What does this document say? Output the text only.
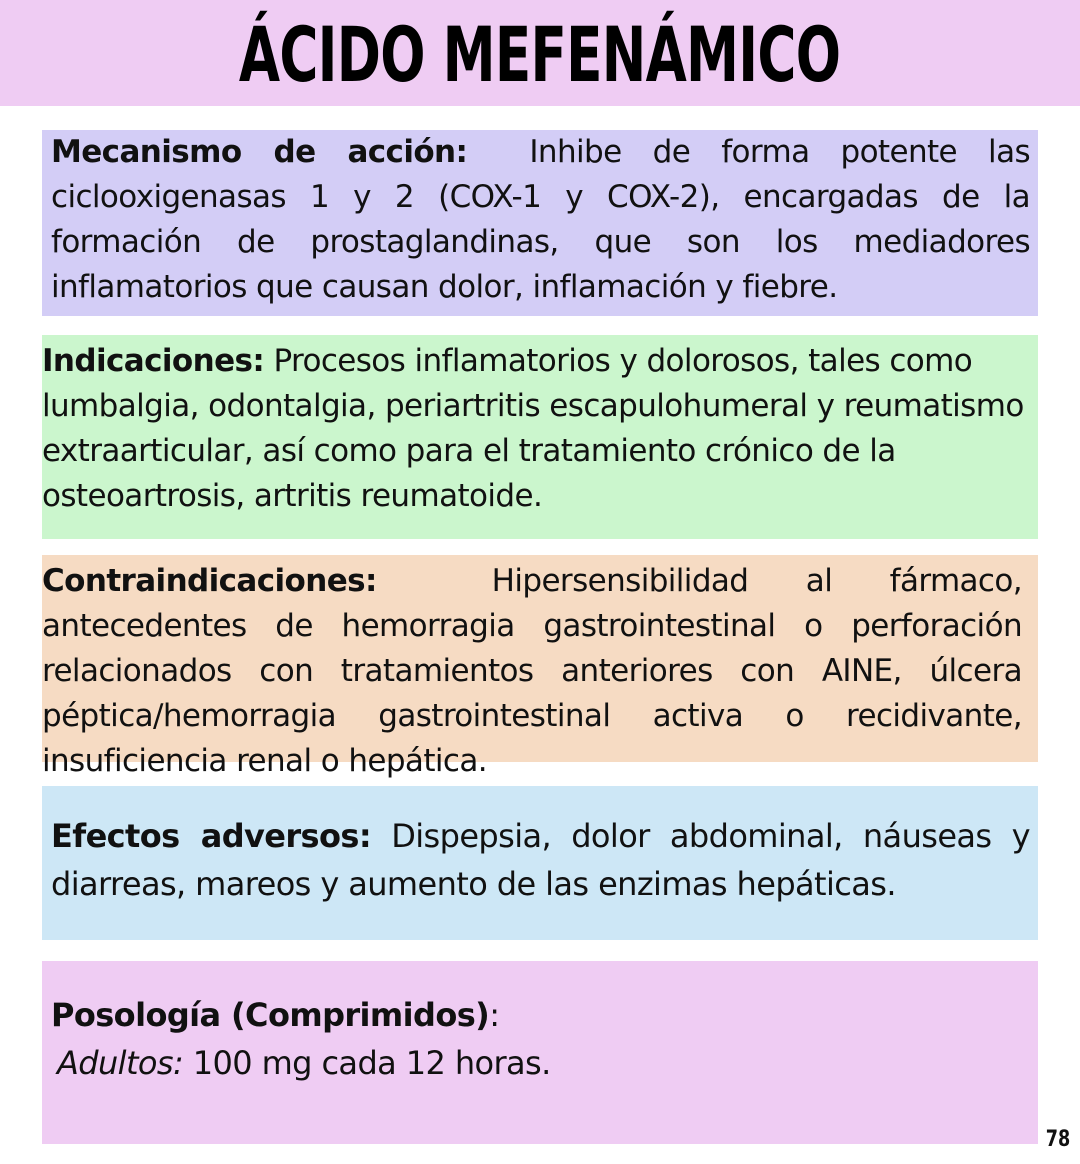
ÁCIDO MEFENÁMICO

Mecanismo de acción: Inhibe de forma potente las ciclooxigenasas 1 y 2 (COX-1 y COX-2), encargadas de la formación de prostaglandinas, que son los mediadores inflamatorios que causan dolor, inflamación y fiebre.

Indicaciones: Procesos inflamatorios y dolorosos, tales como lumbalgia, odontalgia, periartritis escapulohumeral y reumatismo extraarticular, así como para el tratamiento crónico de la osteoartrosis, artritis reumatoide.

Contraindicaciones:	Hipersensibilidad al fármaco, antecedentes de hemorragia gastrointestinal o perforación relacionados con tratamientos anteriores con AINE, úlcera péptica/hemorragia gastrointestinal activa o recidivante, insuficiencia renal o hepática.

Efectos adversos: Dispepsia, dolor abdominal, náuseas y diarreas, mareos y aumento de las enzimas hepáticas.

Posología (Comprimidos):

Adultos: 100 mg cada 12 horas.

78
